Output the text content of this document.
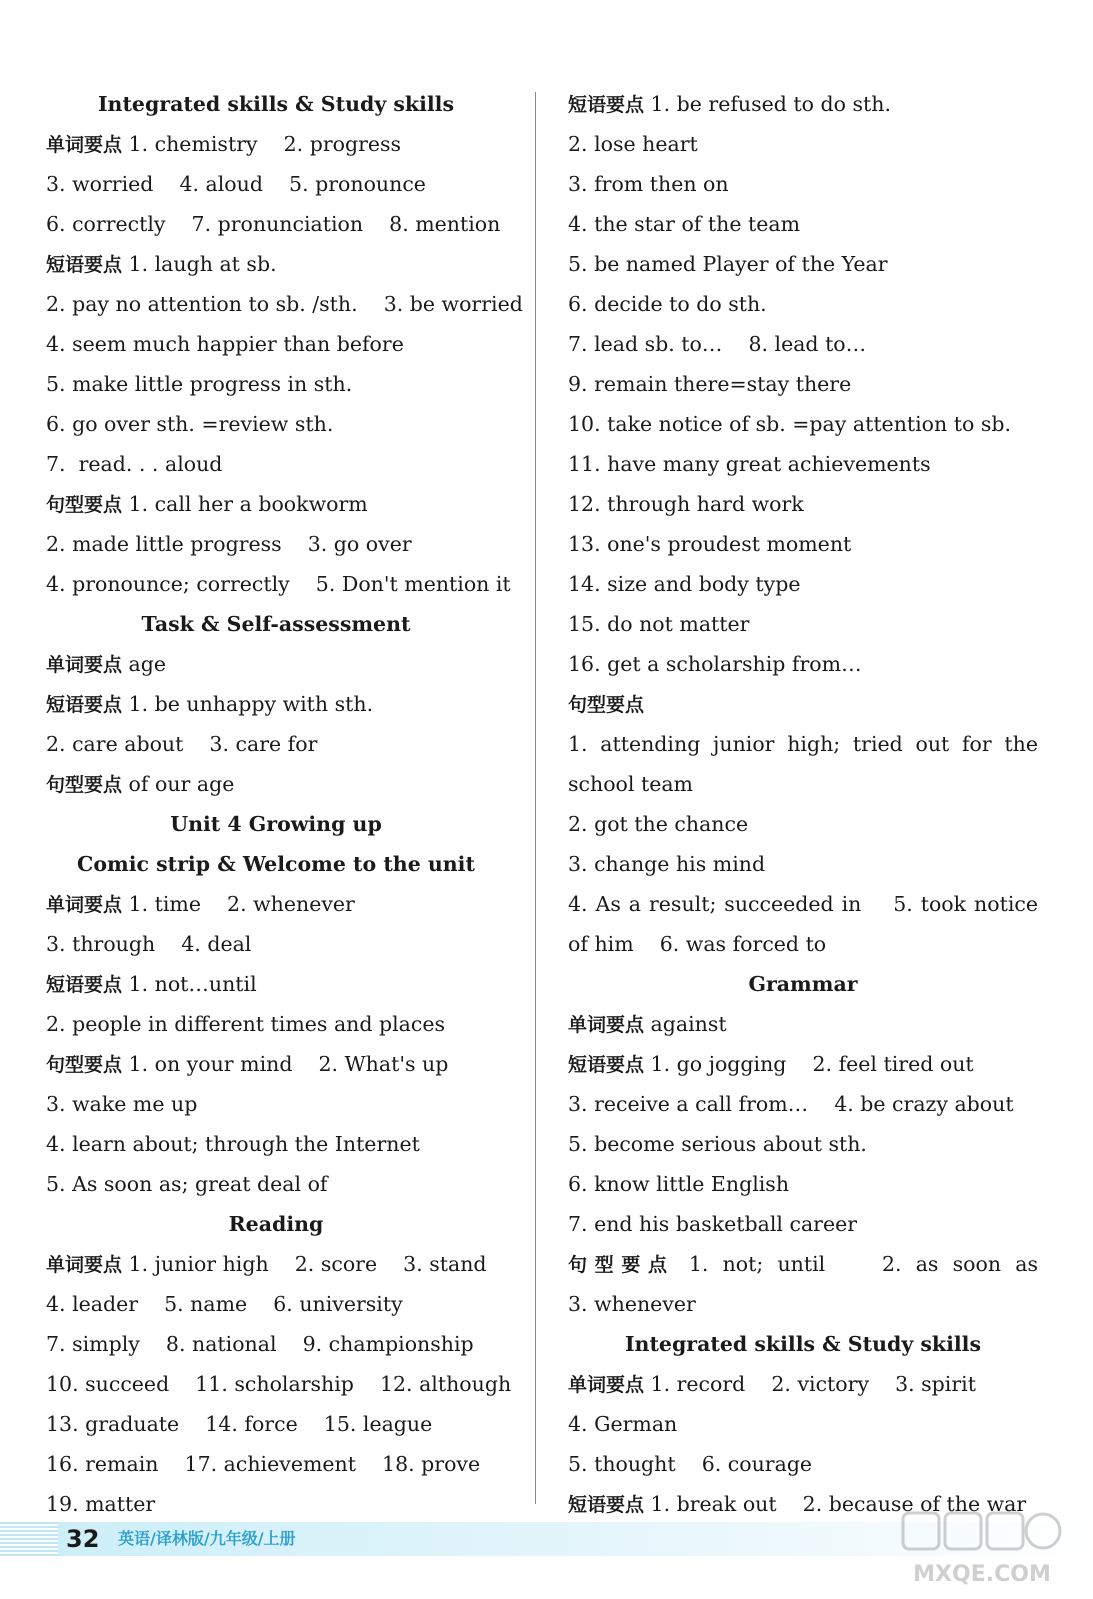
Integrated skills & Study skills
单词要点 1. chemistry    2. progress
3. worried    4. aloud    5. pronounce
6. correctly    7. pronunciation    8. mention
短语要点 1. laugh at sb.
2. pay no attention to sb. /sth.    3. be worried
4. seem much happier than before
5. make little progress in sth.
6. go over sth. =review sth.
7.  read. . . aloud
句型要点 1. call her a bookworm
2. made little progress    3. go over
4. pronounce; correctly    5. Don't mention it
Task & Self-assessment
单词要点 age
短语要点 1. be unhappy with sth.
2. care about    3. care for
句型要点 of our age
Unit 4 Growing up
Comic strip & Welcome to the unit
单词要点 1. time    2. whenever
3. through    4. deal
短语要点 1. not…until
2. people in different times and places
句型要点 1. on your mind    2. What's up
3. wake me up
4. learn about; through the Internet
5. As soon as; great deal of
Reading
单词要点 1. junior high    2. score    3. stand
4. leader    5. name    6. university
7. simply    8. national    9. championship
10. succeed    11. scholarship    12. although
13. graduate    14. force    15. league
16. remain    17. achievement    18. prove
19. matter
短语要点 1. be refused to do sth.
2. lose heart
3. from then on
4. the star of the team
5. be named Player of the Year
6. decide to do sth.
7. lead sb. to…    8. lead to…
9. remain there=stay there
10. take notice of sb. =pay attention to sb.
11. have many great achievements
12. through hard work
13. one's proudest moment
14. size and body type
15. do not matter
16. get a scholarship from…
句型要点
1. attending junior high; tried out for the
school team
2. got the chance
3. change his mind
4. As a result; succeeded in    5. took notice
of him    6. was forced to
Grammar
单词要点 against
短语要点 1. go jogging    2. feel tired out
3. receive a call from…    4. be crazy about
5. become serious about sth.
6. know little English
7. end his basketball career
句型要点 1. not; until    2. as soon as
3. whenever
Integrated skills & Study skills
单词要点 1. record    2. victory    3. spirit
4. German
5. thought    6. courage
短语要点 1. break out    2. because of the war
32 英语/译林版/九年级/上册
MXQE.COM
